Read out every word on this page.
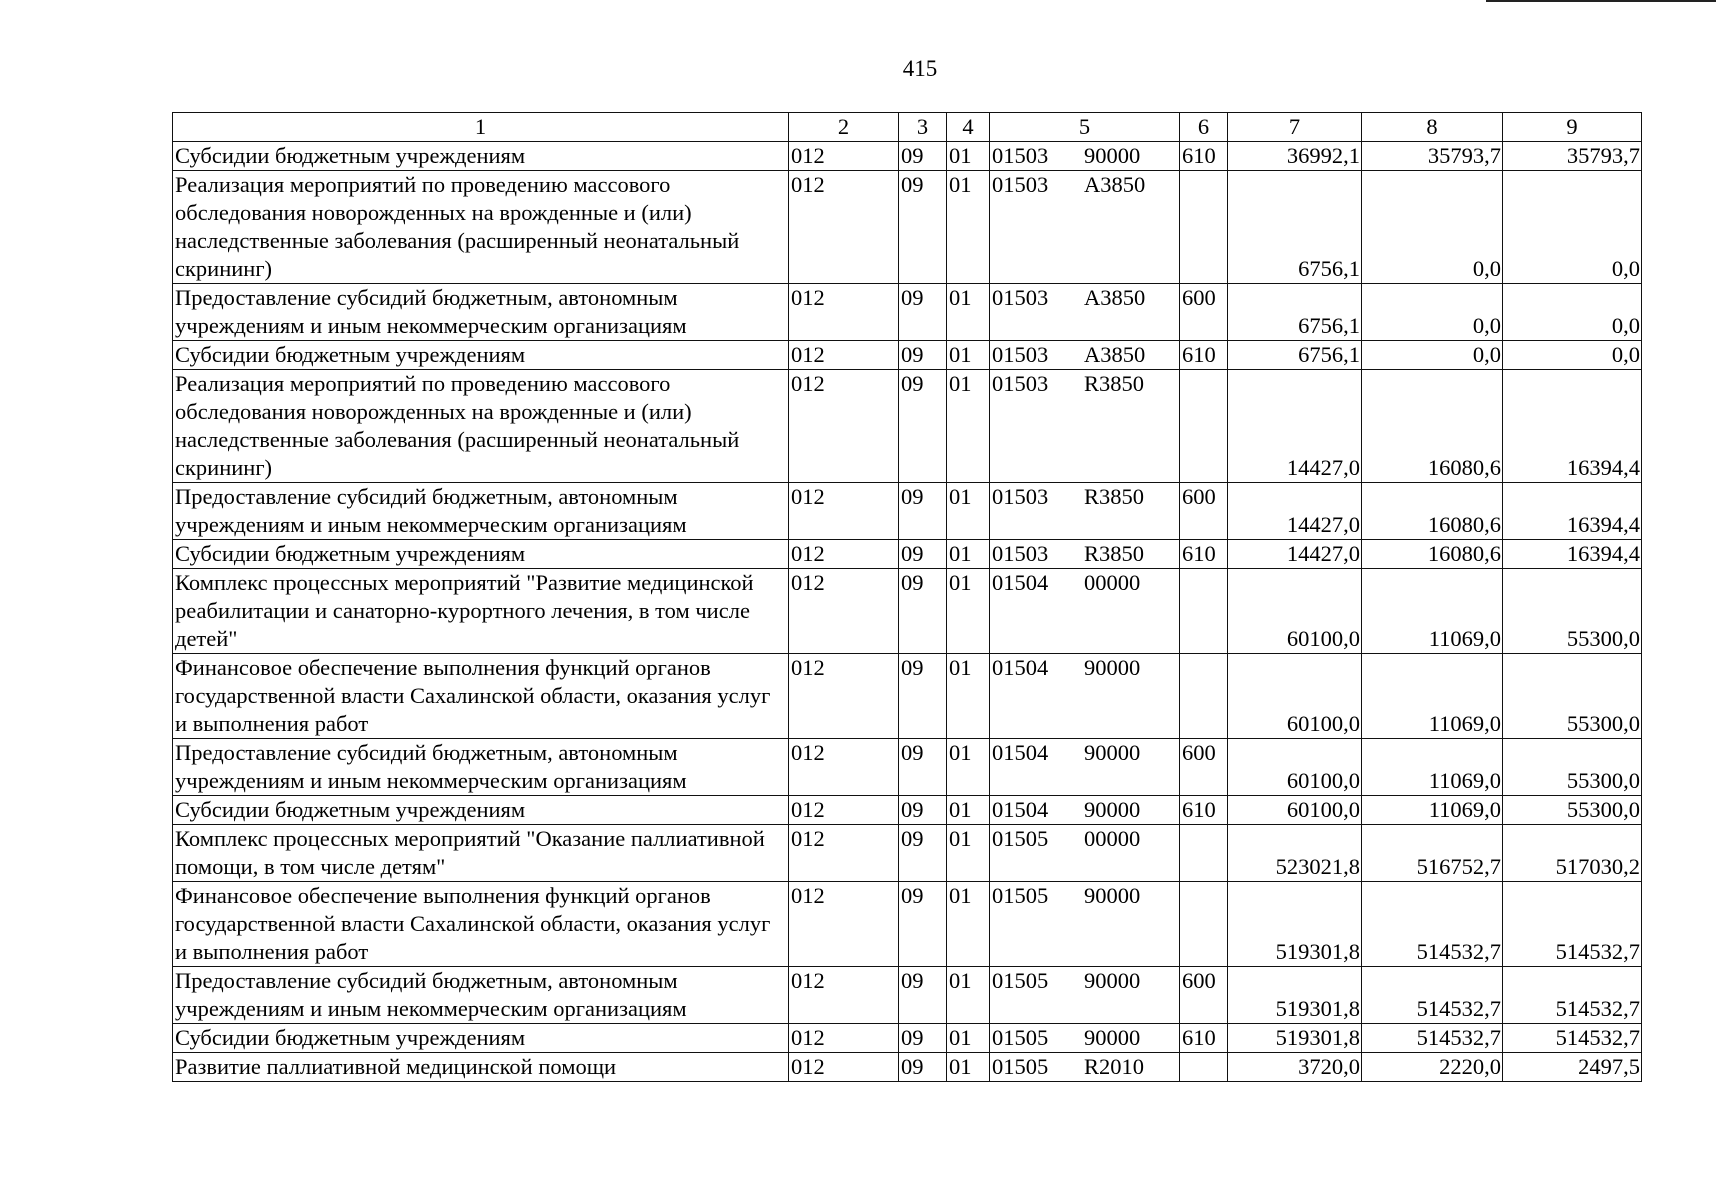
415
1	2	3	4	5	6	7	8	9
Субсидии бюджетным учреждениям	012	09	01	01503 90000	610	36992,1	35793,7	35793,7
Реализация мероприятий по проведению массового обследования новорожденных на врожденные и (или) наследственные заболевания (расширенный неонатальный скрининг)	012	09	01	01503 А3850		6756,1	0,0	0,0
Предоставление субсидий бюджетным, автономным учреждениям и иным некоммерческим организациям	012	09	01	01503 А3850	600	6756,1	0,0	0,0
Субсидии бюджетным учреждениям	012	09	01	01503 А3850	610	6756,1	0,0	0,0
Реализация мероприятий по проведению массового обследования новорожденных на врожденные и (или) наследственные заболевания (расширенный неонатальный скрининг)	012	09	01	01503 R3850		14427,0	16080,6	16394,4
Предоставление субсидий бюджетным, автономным учреждениям и иным некоммерческим организациям	012	09	01	01503 R3850	600	14427,0	16080,6	16394,4
Субсидии бюджетным учреждениям	012	09	01	01503 R3850	610	14427,0	16080,6	16394,4
Комплекс процессных мероприятий "Развитие медицинской реабилитации и санаторно-курортного лечения, в том числе детей"	012	09	01	01504 00000		60100,0	11069,0	55300,0
Финансовое обеспечение выполнения функций органов государственной власти Сахалинской области, оказания услуг и выполнения работ	012	09	01	01504 90000		60100,0	11069,0	55300,0
Предоставление субсидий бюджетным, автономным учреждениям и иным некоммерческим организациям	012	09	01	01504 90000	600	60100,0	11069,0	55300,0
Субсидии бюджетным учреждениям	012	09	01	01504 90000	610	60100,0	11069,0	55300,0
Комплекс процессных мероприятий "Оказание паллиативной помощи, в том числе детям"	012	09	01	01505 00000		523021,8	516752,7	517030,2
Финансовое обеспечение выполнения функций органов государственной власти Сахалинской области, оказания услуг и выполнения работ	012	09	01	01505 90000		519301,8	514532,7	514532,7
Предоставление субсидий бюджетным, автономным учреждениям и иным некоммерческим организациям	012	09	01	01505 90000	600	519301,8	514532,7	514532,7
Субсидии бюджетным учреждениям	012	09	01	01505 90000	610	519301,8	514532,7	514532,7
Развитие паллиативной медицинской помощи	012	09	01	01505 R2010		3720,0	2220,0	2497,5
